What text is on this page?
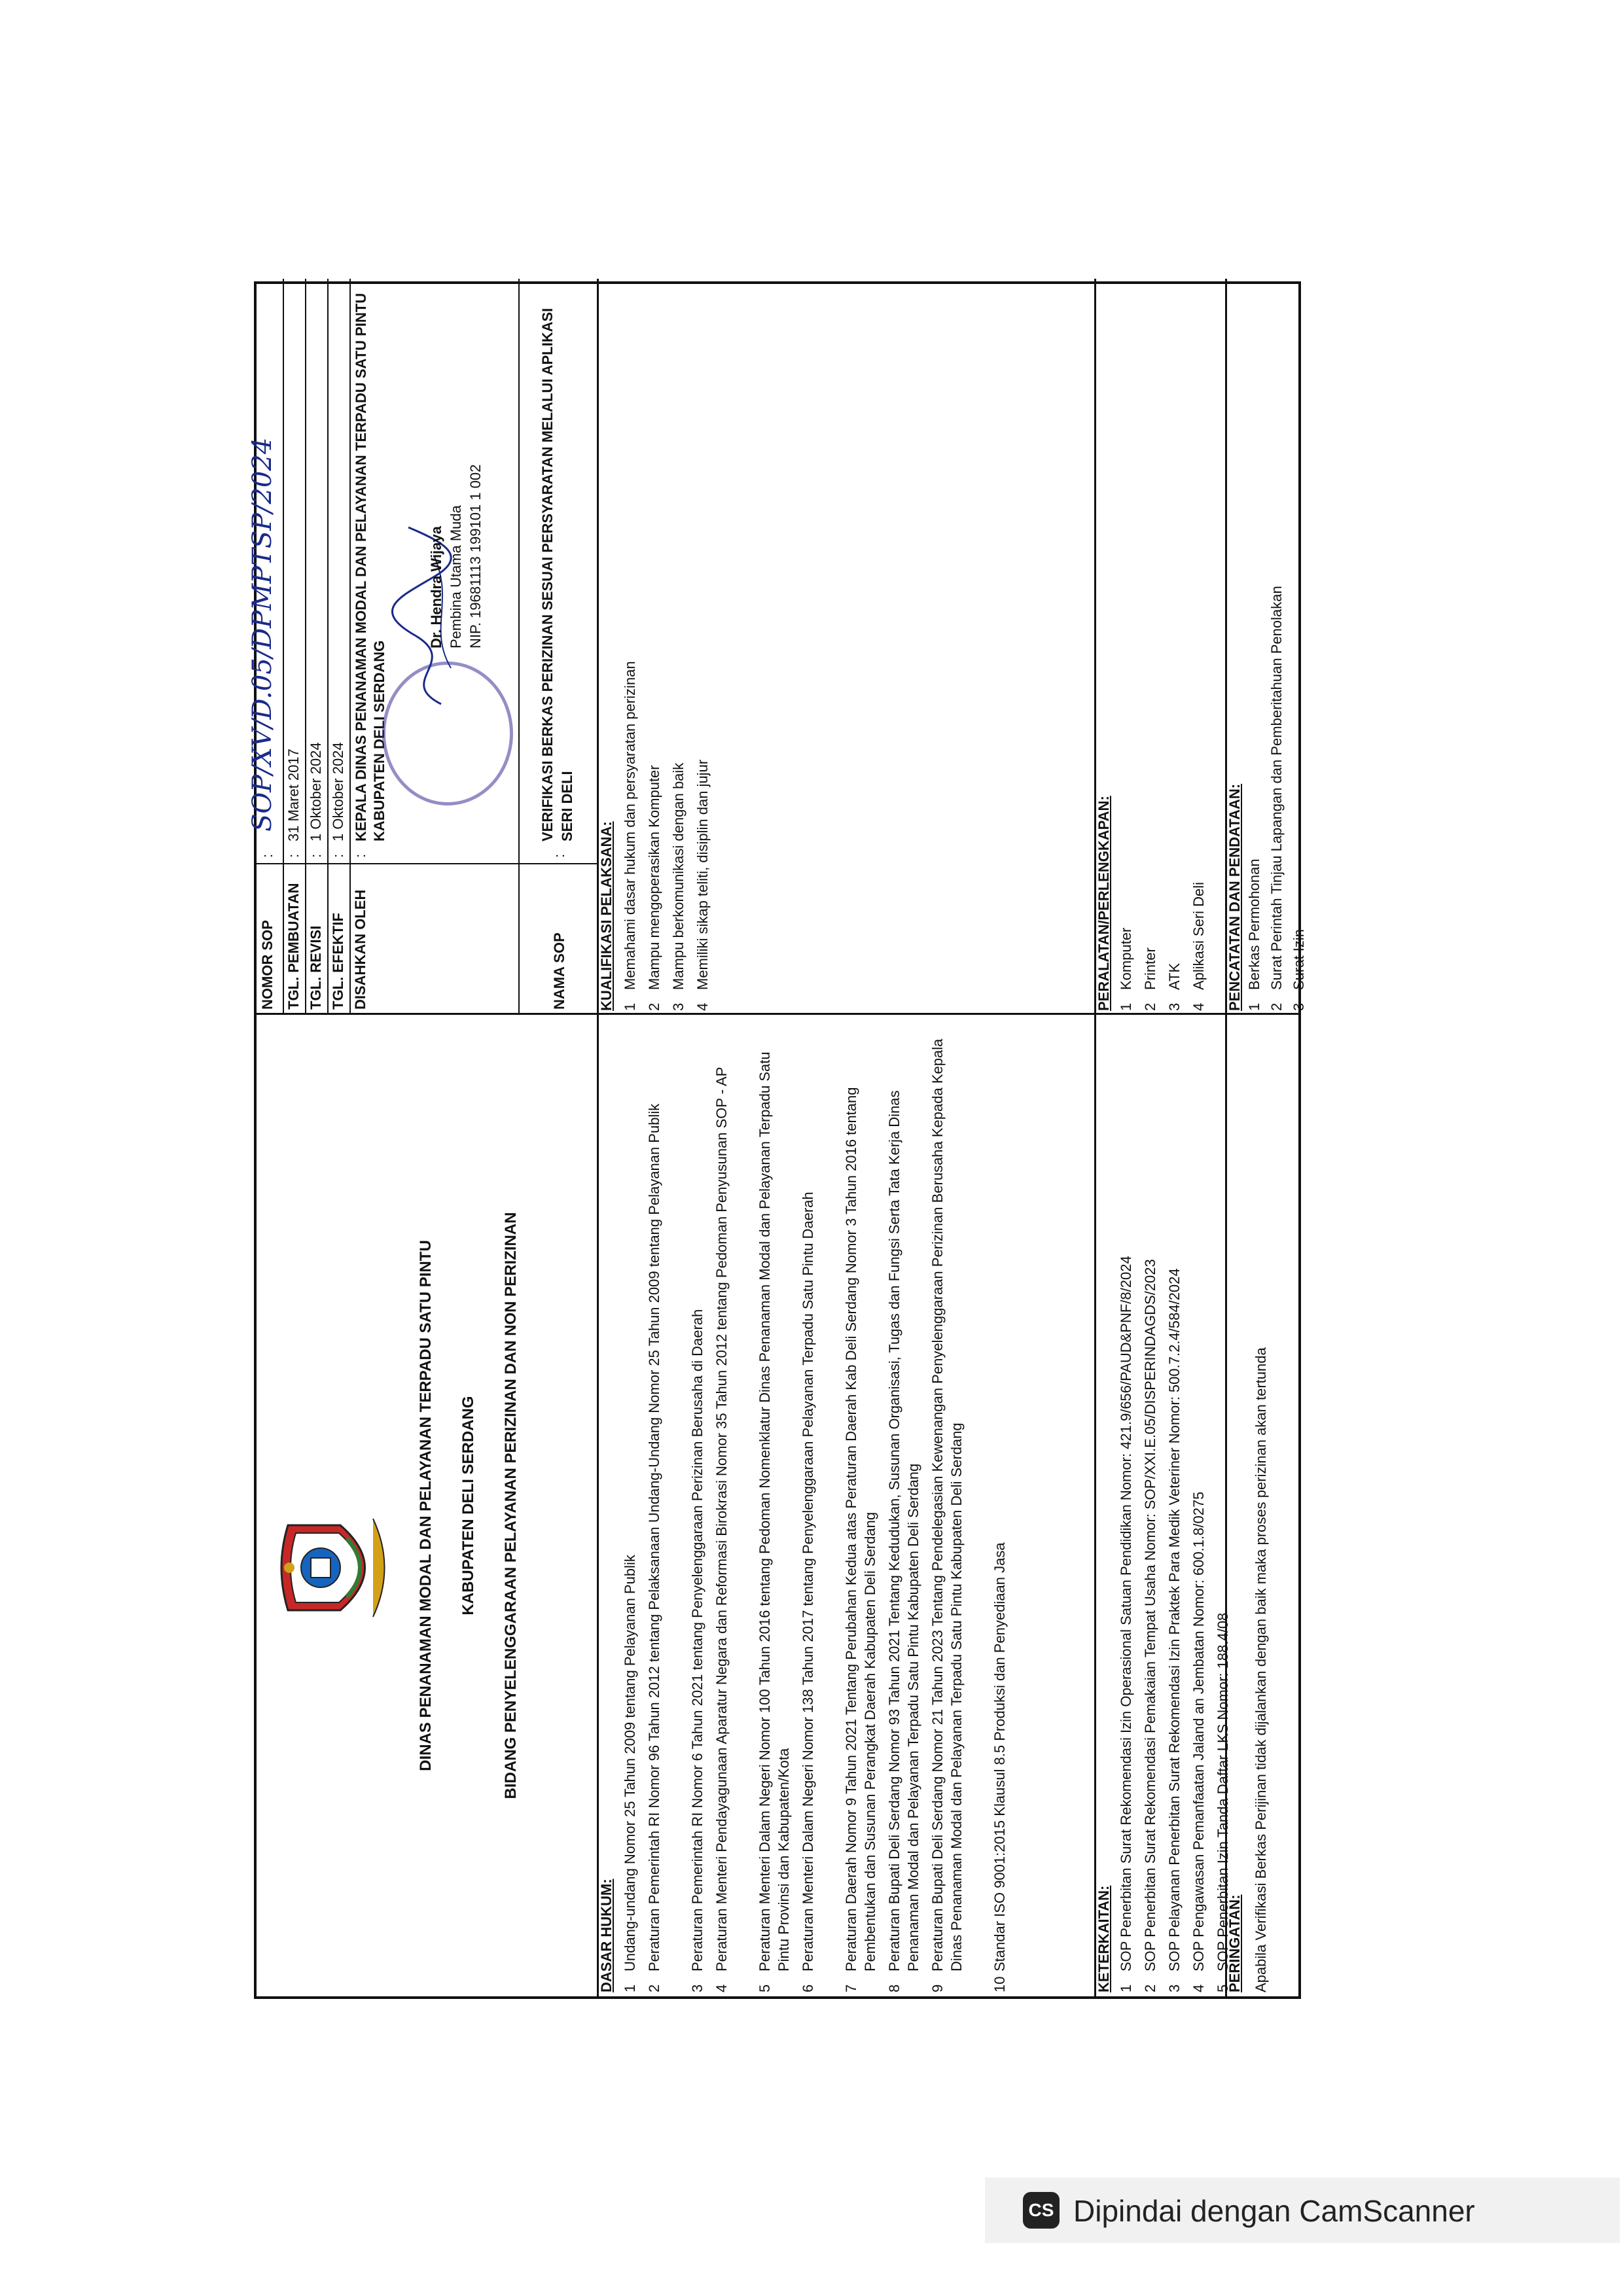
DINAS PENANAMAN MODAL DAN PELAYANAN TERPADU SATU PINTU KABUPATEN DELI SERDANG BIDANG PENYELENGGARAAN PELAYANAN PERIZINAN DAN NON PERIZINAN
NOMOR SOP
:
SOP/XV/D.05/DPMPTSP/2024
TGL. PEMBUATAN
:
31 Maret 2017
TGL. REVISI
:
1 Oktober 2024
TGL. EFEKTIF
:
1 Oktober 2024
DISAHKAN OLEH
:
KEPALA DINAS PENANAMAN MODAL DAN PELAYANAN TERPADU SATU PINTU KABUPATEN DELI SERDANG
Dr. Hendra Wijaya Pembina Utama Muda NIP. 19681113 199101 1 002
NAMA SOP
:
VERIFIKASI BERKAS PERIZINAN SESUAI PERSYARATAN MELALUI APLIKASI SERI DELI
DASAR HUKUM: 1
Undang-undang Nomor 25 Tahun 2009 tentang Pelayanan Publik
2
Peraturan Pemerintah RI Nomor 96 Tahun 2012 tentang Pelaksanaan Undang-Undang Nomor 25 Tahun 2009 tentang Pelayanan Publik
3
Peraturan Pemerintah RI Nomor 6 Tahun 2021 tentang Penyelenggaraan Perizinan Berusaha di Daerah
4
Peraturan Menteri Pendayagunaan Aparatur Negara dan Reformasi Birokrasi Nomor 35 Tahun 2012 tentang Pedoman Penyusunan SOP - AP
5
Peraturan Menteri Dalam Negeri Nomor 100 Tahun 2016 tentang Pedoman Nomenklatur Dinas Penanaman Modal dan Pelayanan Terpadu Satu Pintu Provinsi dan Kabupaten/Kota
6
Peraturan Menteri Dalam Negeri Nomor 138 Tahun 2017 tentang Penyelenggaraan Pelayanan Terpadu Satu Pintu Daerah
7
Peraturan Daerah Nomor 9 Tahun 2021 Tentang Perubahan Kedua atas Peraturan Daerah Kab Deli Serdang Nomor 3 Tahun 2016 tentang Pembentukan dan Susunan Perangkat Daerah Kabupaten Deli Serdang
8
Peraturan Bupati Deli Serdang Nomor 93 Tahun 2021 Tentang Kedudukan, Susunan Organisasi, Tugas dan Fungsi Serta Tata Kerja Dinas Penanaman Modal dan Pelayanan Terpadu Satu Pintu Kabupaten Deli Serdang
9
Peraturan Bupati Deli Serdang Nomor 21 Tahun 2023 Tentang Pendelegasian Kewenangan Penyelenggaraan Perizinan Berusaha Kepada Kepala Dinas Penanaman Modal dan Pelayanan Terpadu Satu Pintu Kabupaten Deli Serdang
10
Standar ISO 9001:2015 Klausul 8.5 Produksi dan Penyediaan Jasa
KUALIFIKASI PELAKSANA: 1
Memahami dasar hukum dan persyaratan perizinan
2
Mampu mengoperasikan Komputer
3
Mampu berkomunikasi dengan baik
4
Memiliki sikap teliti, disiplin dan jujur
KETERKAITAN: 1
SOP Penerbitan Surat Rekomendasi Izin Operasional Satuan Pendidikan Nomor: 421.9/656/PAUD&PNF/8/2024
2
SOP Penerbitan Surat Rekomendasi Pemakaian Tempat Usaha Nomor: SOP/XXI.E.05/DISPERINDAGDS/2023
3
SOP Pelayanan Penerbitan Surat Rekomendasi Izin Praktek Para Medik Veteriner Nomor: 500.7.2.4/584/2024
4
SOP Pengawasan Pemanfaatan Jaland an Jembatan Nomor: 600.1.8/0275
5
SOP Penerbitan Izin Tanda Daftar LKS Nomor: 188.4/08
PERALATAN/PERLENGKAPAN: 1
Komputer
2
Printer
3
ATK
4
Aplikasi Seri Deli
PERINGATAN: Apabila Verifikasi Berkas Perijinan tidak dijalankan dengan baik maka proses perizinan akan tertunda
PENCATATAN DAN PENDATAAN: 1
Berkas Permohonan
2
Surat Perintah Tinjau Lapangan dan Pemberitahuan Penolakan
3
Surat Izin
CS Dipindai dengan CamScanner
